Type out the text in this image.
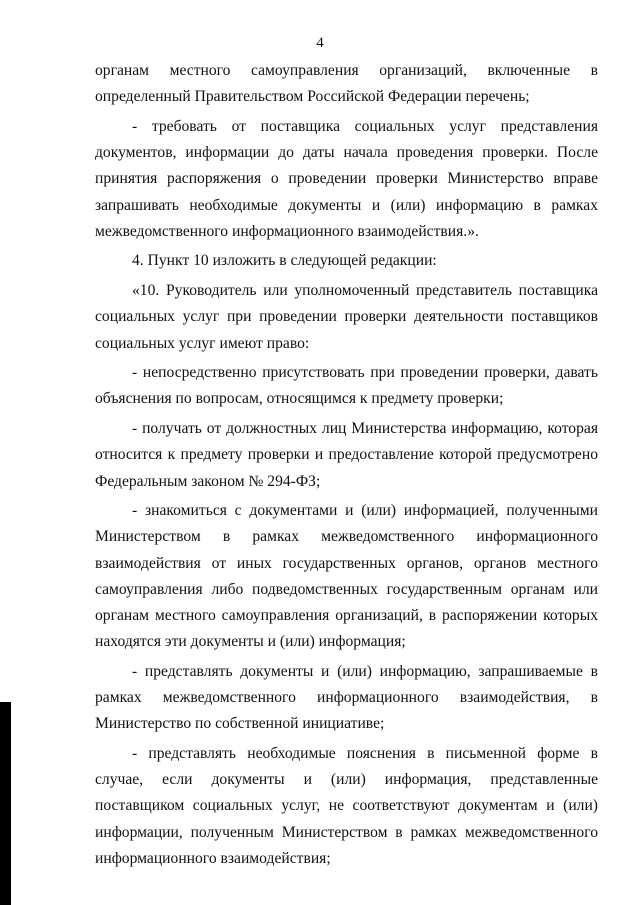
4

органам местного самоуправления организаций, включенные в определенный Правительством Российской Федерации перечень;

- требовать от поставщика социальных услуг представления документов, информации до даты начала проведения проверки. После принятия распоряжения о проведении проверки Министерство вправе запрашивать необходимые документы и (или) информацию в рамках межведомственного информационного взаимодействия.».

4. Пункт 10 изложить в следующей редакции:

«10. Руководитель или уполномоченный представитель поставщика социальных услуг при проведении проверки деятельности поставщиков социальных услуг имеют право:

- непосредственно присутствовать при проведении проверки, давать объяснения по вопросам, относящимся к предмету проверки;

- получать от должностных лиц Министерства информацию, которая относится к предмету проверки и предоставление которой предусмотрено Федеральным законом № 294-ФЗ;

- знакомиться с документами и (или) информацией, полученными Министерством в рамках межведомственного информационного взаимодействия от иных государственных органов, органов местного самоуправления либо подведомственных государственным органам или органам местного самоуправления организаций, в распоряжении которых находятся эти документы и (или) информация;

- представлять документы и (или) информацию, запрашиваемые в рамках межведомственного информационного взаимодействия, в Министерство по собственной инициативе;

- представлять необходимые пояснения в письменной форме в случае, если документы и (или) информация, представленные поставщиком социальных услуг, не соответствуют документам и (или) информации, полученным Министерством в рамках межведомственного информационного взаимодействия;
